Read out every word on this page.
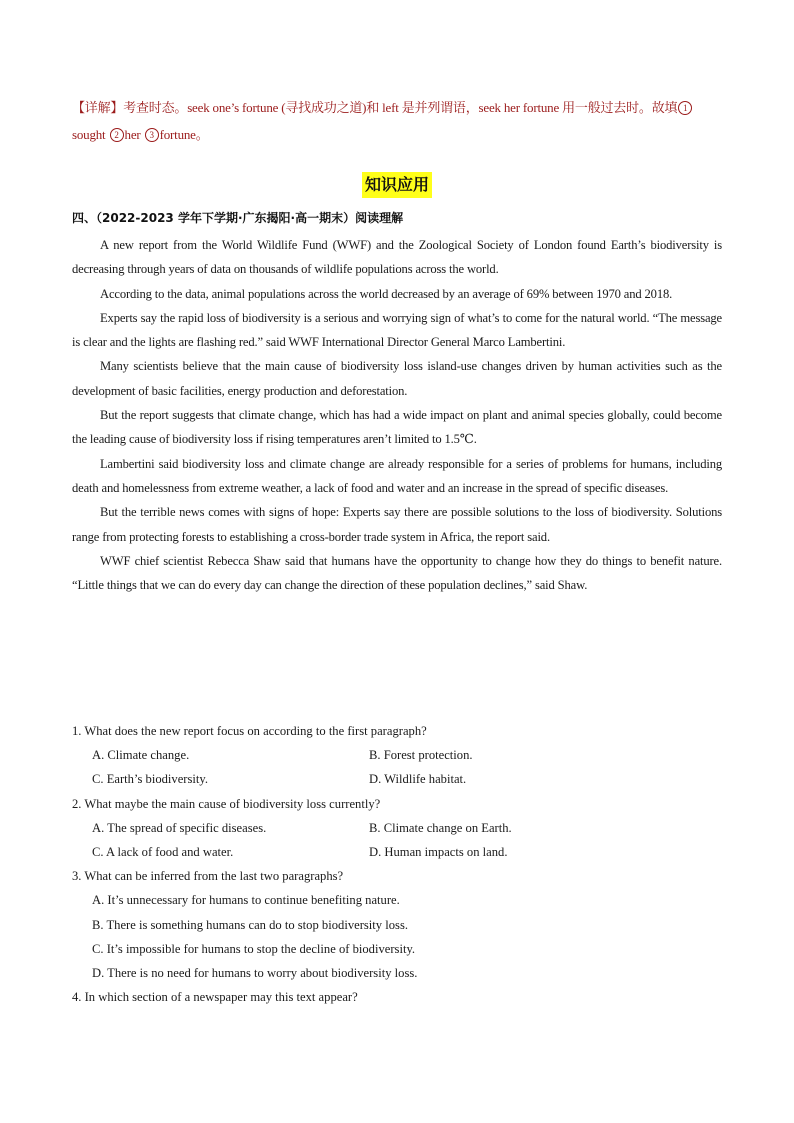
【详解】考查时态。seek one’s fortune (寻找成功之道)和 left 是并列谓语，seek her fortune 用一般过去时。故填 1sought 2 her 3 fortune。
知识应用
四、（2022-2023 学年下学期·广东揭阳·高一期末）阅读理解

A new report from the World Wildlife Fund (WWF) and the Zoological Society of London found Earth’s biodiversity is decreasing through years of data on thousands of wildlife populations across the world.

According to the data, animal populations across the world decreased by an average of 69% between 1970 and 2018.

Experts say the rapid loss of biodiversity is a serious and worrying sign of what’s to come for the natural world. “The message is clear and the lights are flashing red.” said WWF International Director General Marco Lambertini.

Many scientists believe that the main cause of biodiversity loss island-use changes driven by human activities such as the development of basic facilities, energy production and deforestation.

But the report suggests that climate change, which has had a wide impact on plant and animal species globally, could become the leading cause of biodiversity loss if rising temperatures aren’t limited to 1.5℃.

Lambertini said biodiversity loss and climate change are already responsible for a series of problems for humans, including death and homelessness from extreme weather, a lack of food and water and an increase in the spread of specific diseases.

But the terrible news comes with signs of hope: Experts say there are possible solutions to the loss of biodiversity. Solutions range from protecting forests to establishing a cross-border trade system in Africa, the report said.

WWF chief scientist Rebecca Shaw said that humans have the opportunity to change how they do things to benefit nature. “Little things that we can do every day can change the direction of these population declines,” said Shaw.

1. What does the new report focus on according to the first paragraph?

A. Climate change.	B. Forest protection.
C. Earth’s biodiversity.	D. Wildlife habitat.

2. What maybe the main cause of biodiversity loss currently?

A. The spread of specific diseases.	B. Climate change on Earth.
C. A lack of food and water.	D. Human impacts on land.

3. What can be inferred from the last two paragraphs?

A. It’s unnecessary for humans to continue benefiting nature.
B. There is something humans can do to stop biodiversity loss.
C. It’s impossible for humans to stop the decline of biodiversity.
D. There is no need for humans to worry about biodiversity loss.

4. In which section of a newspaper may this text appear?
